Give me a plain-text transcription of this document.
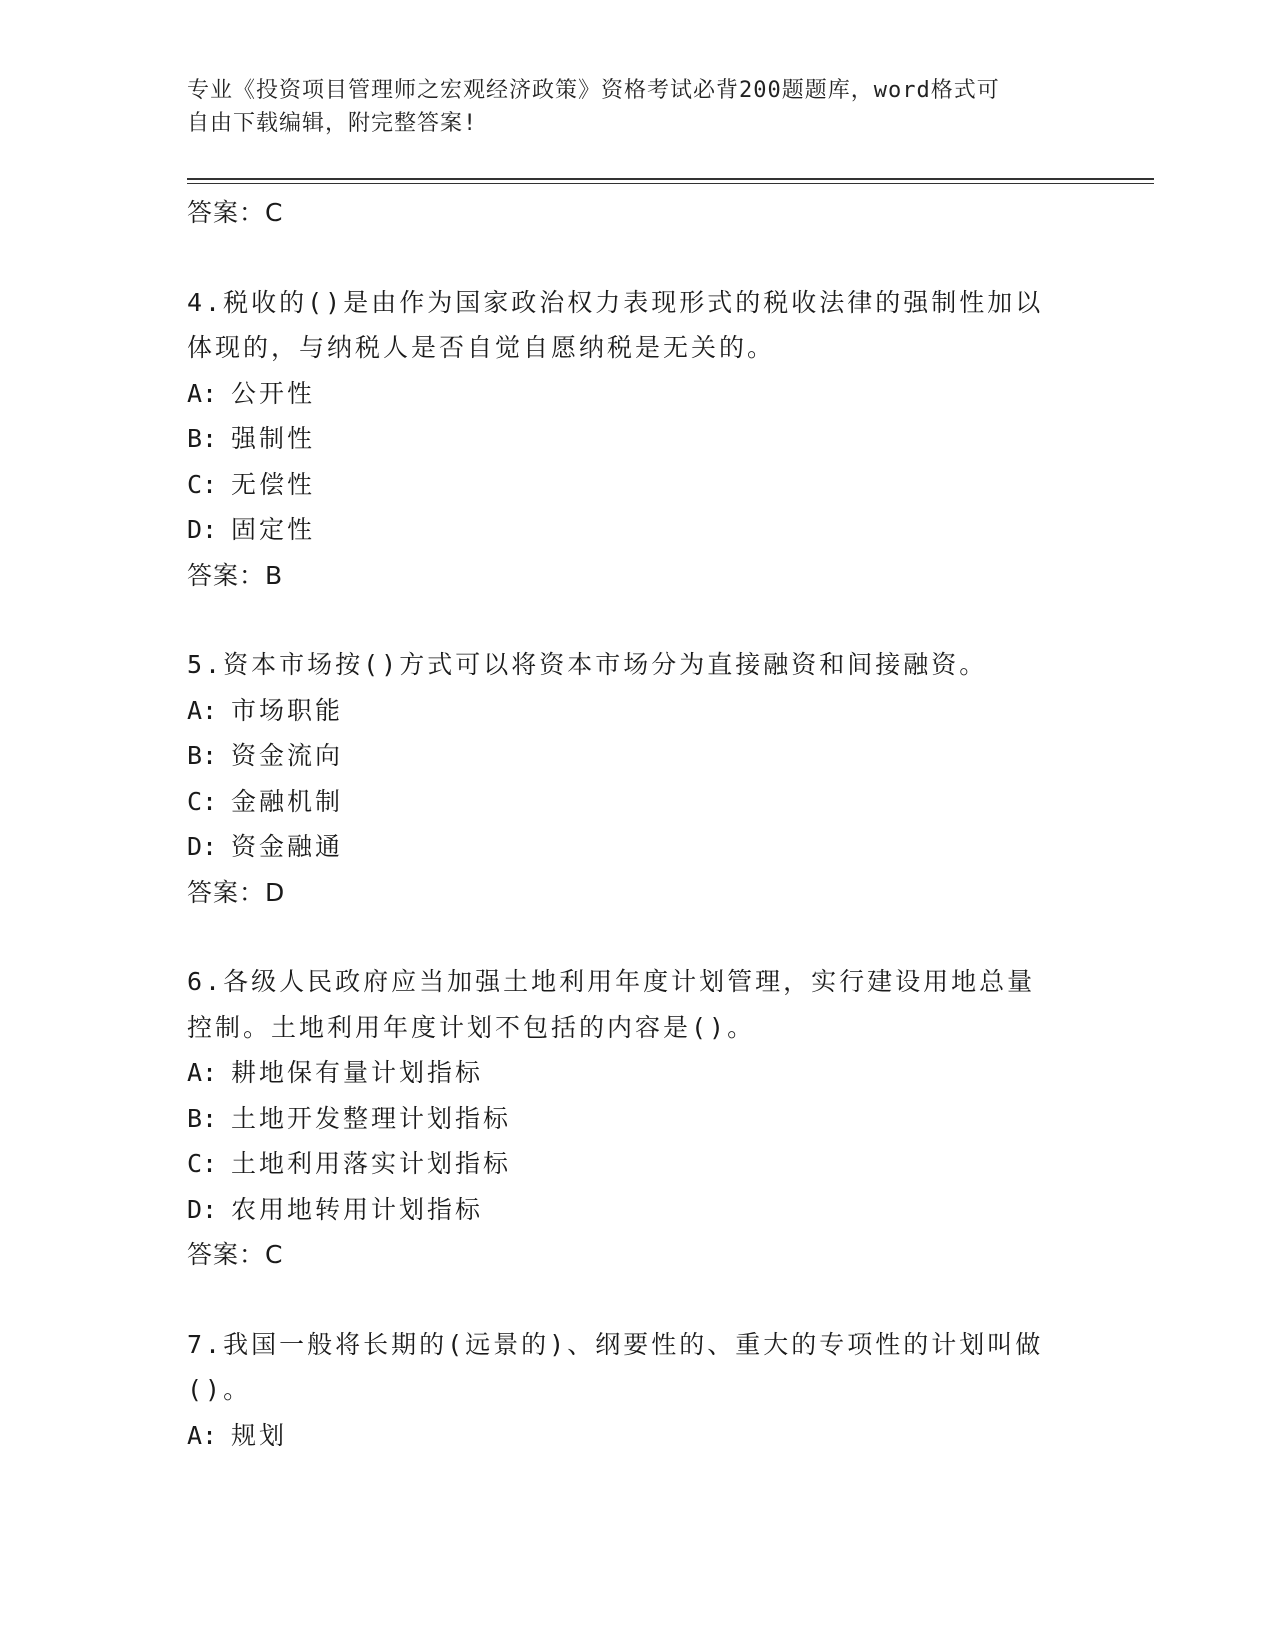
专业《投资项目管理师之宏观经济政策》资格考试必背200题题库，word格式可
自由下载编辑，附完整答案!
答案：C
4.税收的()是由作为国家政治权力表现形式的税收法律的强制性加以
体现的，与纳税人是否自觉自愿纳税是无关的。
A: 公开性
B: 强制性
C: 无偿性
D: 固定性
答案：B
5.资本市场按()方式可以将资本市场分为直接融资和间接融资。
A: 市场职能
B: 资金流向
C: 金融机制
D: 资金融通
答案：D
6.各级人民政府应当加强土地利用年度计划管理，实行建设用地总量
控制。土地利用年度计划不包括的内容是()。
A: 耕地保有量计划指标
B: 土地开发整理计划指标
C: 土地利用落实计划指标
D: 农用地转用计划指标
答案：C
7.我国一般将长期的(远景的)、纲要性的、重大的专项性的计划叫做
()。
A: 规划
